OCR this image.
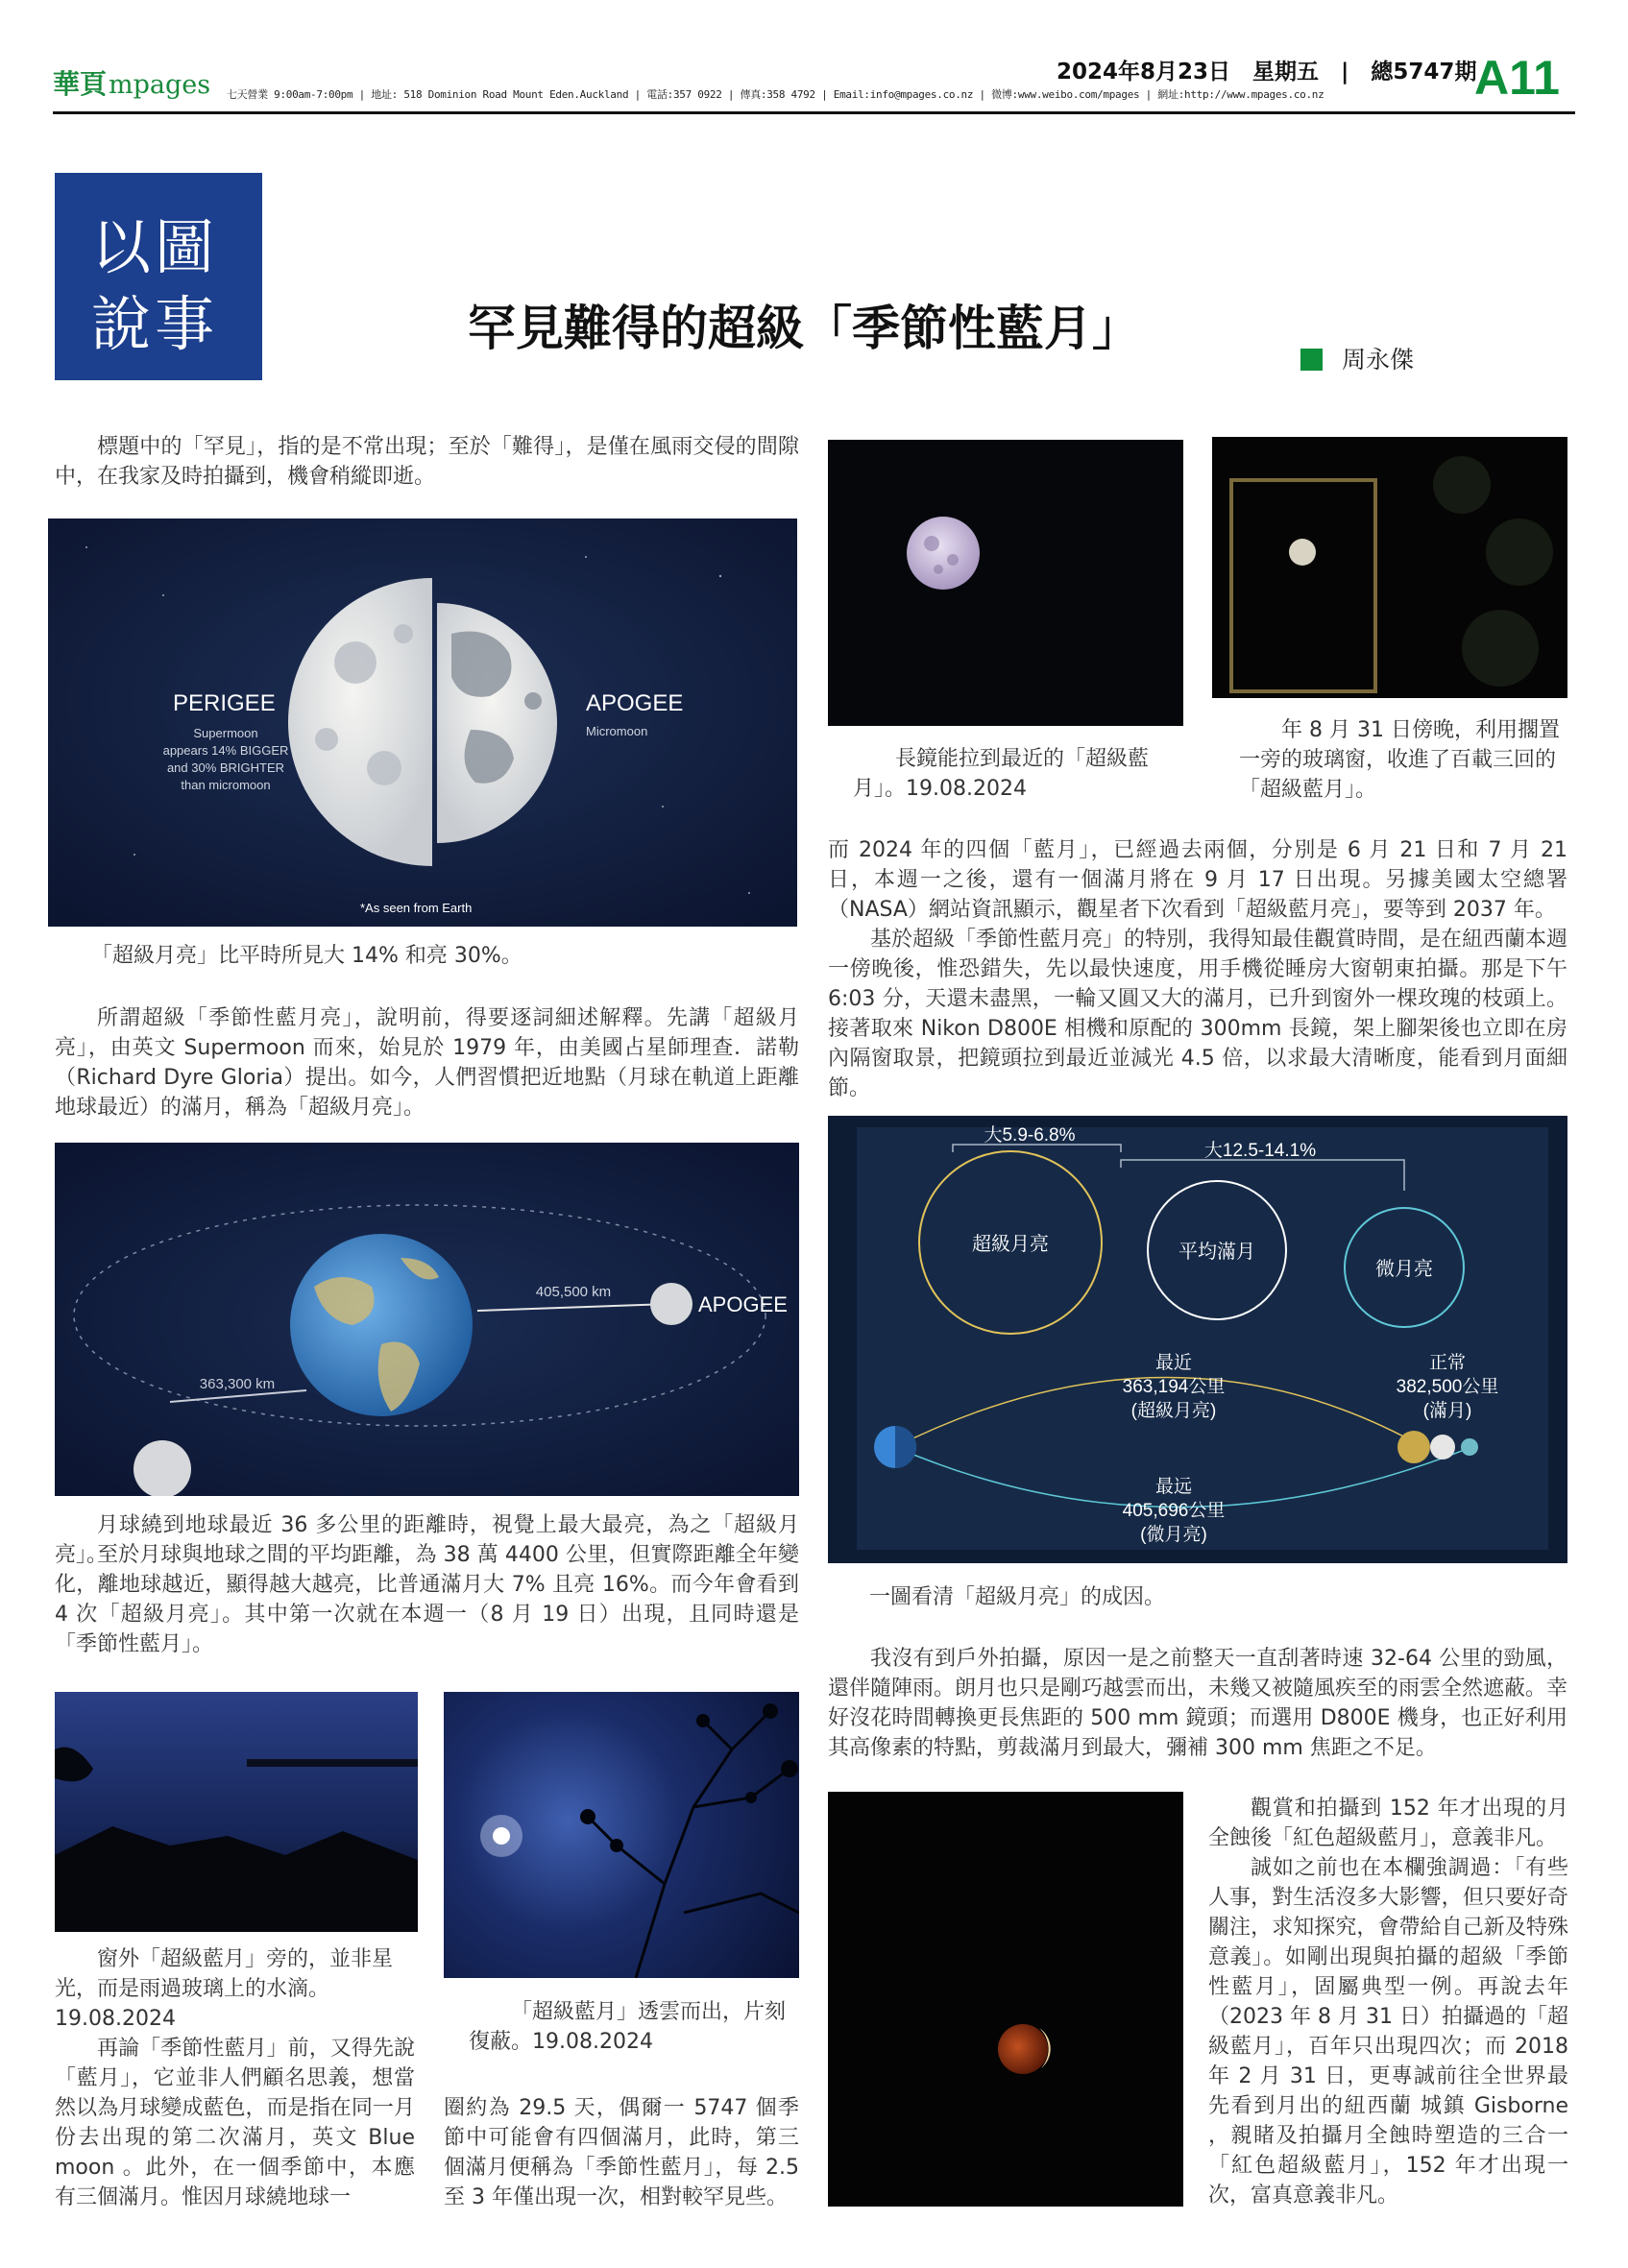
華頁mpages 七天營業 9:00am-7:00pm | 地址: 518 Dominion Road Mount Eden.Auckland | 電話:357 0922 | 傳真:358 4792 | Email:info@mpages.co.nz | 微博:www.weibo.com/mpages | 網址:http://www.mpages.co.nz
2024年8月23日　星期五　|　總5747期
A11
以圖
說事	罕見難得的超級「季節性藍月」
周永傑

標題中的「罕見」，指的是不常出現；至於「難得」，是僅在風雨交侵的間隙中，在我家及時拍攝到，機會稍縱即逝。

PERIGEE
Supermoon
appears 14% BIGGER
and 30% BRIGHTER
than micromoon
APOGEE
Micromoon
*As seen from Earth
「超級月亮」比平時所見大 14% 和亮 30%。

所謂超級「季節性藍月亮」，說明前，得要逐詞細述解釋。先講「超級月亮」，由英文 Supermoon 而來，始見於 1979 年，由美國占星師理查．諾勒（Richard Dyre Gloria）提出。如今，人們習慣把近地點（月球在軌道上距離地球最近）的滿月，稱為「超級月亮」。

405,500 km
APOGEE
363,300 km

月球繞到地球最近 36 多公里的距離時，視覺上最大最亮，為之「超級月亮」。

至於月球與地球之間的平均距離，為 38 萬 4400 公里，但實際距離全年變化，離地球越近，顯得越大越亮，比普通滿月大 7% 且亮 16%。而今年會看到 4 次「超級月亮」。其中第一次就在本週一（8 月 19 日）出現，且同時還是「季節性藍月」。

窗外「超級藍月」旁的，並非星光，而是雨過玻璃上的水滴。19.08.2024	「超級藍月」透雲而出，片刻復蔽。19.08.2024

再論「季節性藍月」前，又得先說「藍月」，它並非人們顧名思義，想當然以為月球變成藍色，而是指在同一月份去出現的第二次滿月，英文 Blue moon 。此外，在一個季節中，本應有三個滿月。惟因月球繞地球一

圈約為 29.5 天，偶爾一 5747 個季節中可能會有四個滿月，此時，第三個滿月便稱為「季節性藍月」，每 2.5 至 3 年僅出現一次，相對較罕見些。

長鏡能拉到最近的「超級藍月」。19.08.2024

年 8 月 31 日傍晚，利用擱置一旁的玻璃窗，收進了百載三回的「超級藍月」。

而 2024 年的四個「藍月」，已經過去兩個，分別是 6 月 21 日和 7 月 21 日，本週一之後，還有一個滿月將在 9 月 17 日出現。另據美國太空總署（NASA）網站資訊顯示，觀星者下次看到「超級藍月亮」，要等到 2037 年。

基於超級「季節性藍月亮」的特別，我得知最佳觀賞時間，是在紐西蘭本週一傍晚後，惟恐錯失，先以最快速度，用手機從睡房大窗朝東拍攝。那是下午 6:03 分，天還未盡黑，一輪又圓又大的滿月，已升到窗外一棵玫瑰的枝頭上。接著取來 Nikon D800E 相機和原配的 300mm 長鏡，架上腳架後也立即在房內隔窗取景，把鏡頭拉到最近並減光 4.5 倍，以求最大清晰度，能看到月面細節。

大5.9-6.8%
大12.5-14.1%
超級月亮	平均滿月
微月亮
最近
363,194公里
(超級月亮)
正常
382,500公里
(滿月)
最远
405,696公里
(微月亮)
一圖看清「超級月亮」的成因。

我沒有到戶外拍攝，原因一是之前整天一直刮著時速 32-64 公里的勁風，還伴隨陣雨。朗月也只是剛巧越雲而出，未幾又被隨風疾至的雨雲全然遮蔽。幸好沒花時間轉換更長焦距的 500 mm 鏡頭；而選用 D800E 機身，也正好利用其高像素的特點，剪裁滿月到最大，彌補 300 mm 焦距之不足。

觀賞和拍攝到 152 年才出現的月全蝕後「紅色超級藍月」，意義非凡。

誠如之前也在本欄強調過：「有些人事，對生活沒多大影響，但只要好奇關注，求知探究，會帶給自己新及特殊意義」。如剛出現與拍攝的超級「季節性藍月」，固屬典型一例。再說去年（2023 年 8 月 31 日）拍攝過的「超級藍月」，百年只出現四次；而 2018 年 2 月 31 日，更專誠前往全世界最先看到月出的紐西蘭 城鎮 Gisborne ，親睹及拍攝月全蝕時塑造的三合一「紅色超級藍月」，152 年才出現一次，富真意義非凡。
